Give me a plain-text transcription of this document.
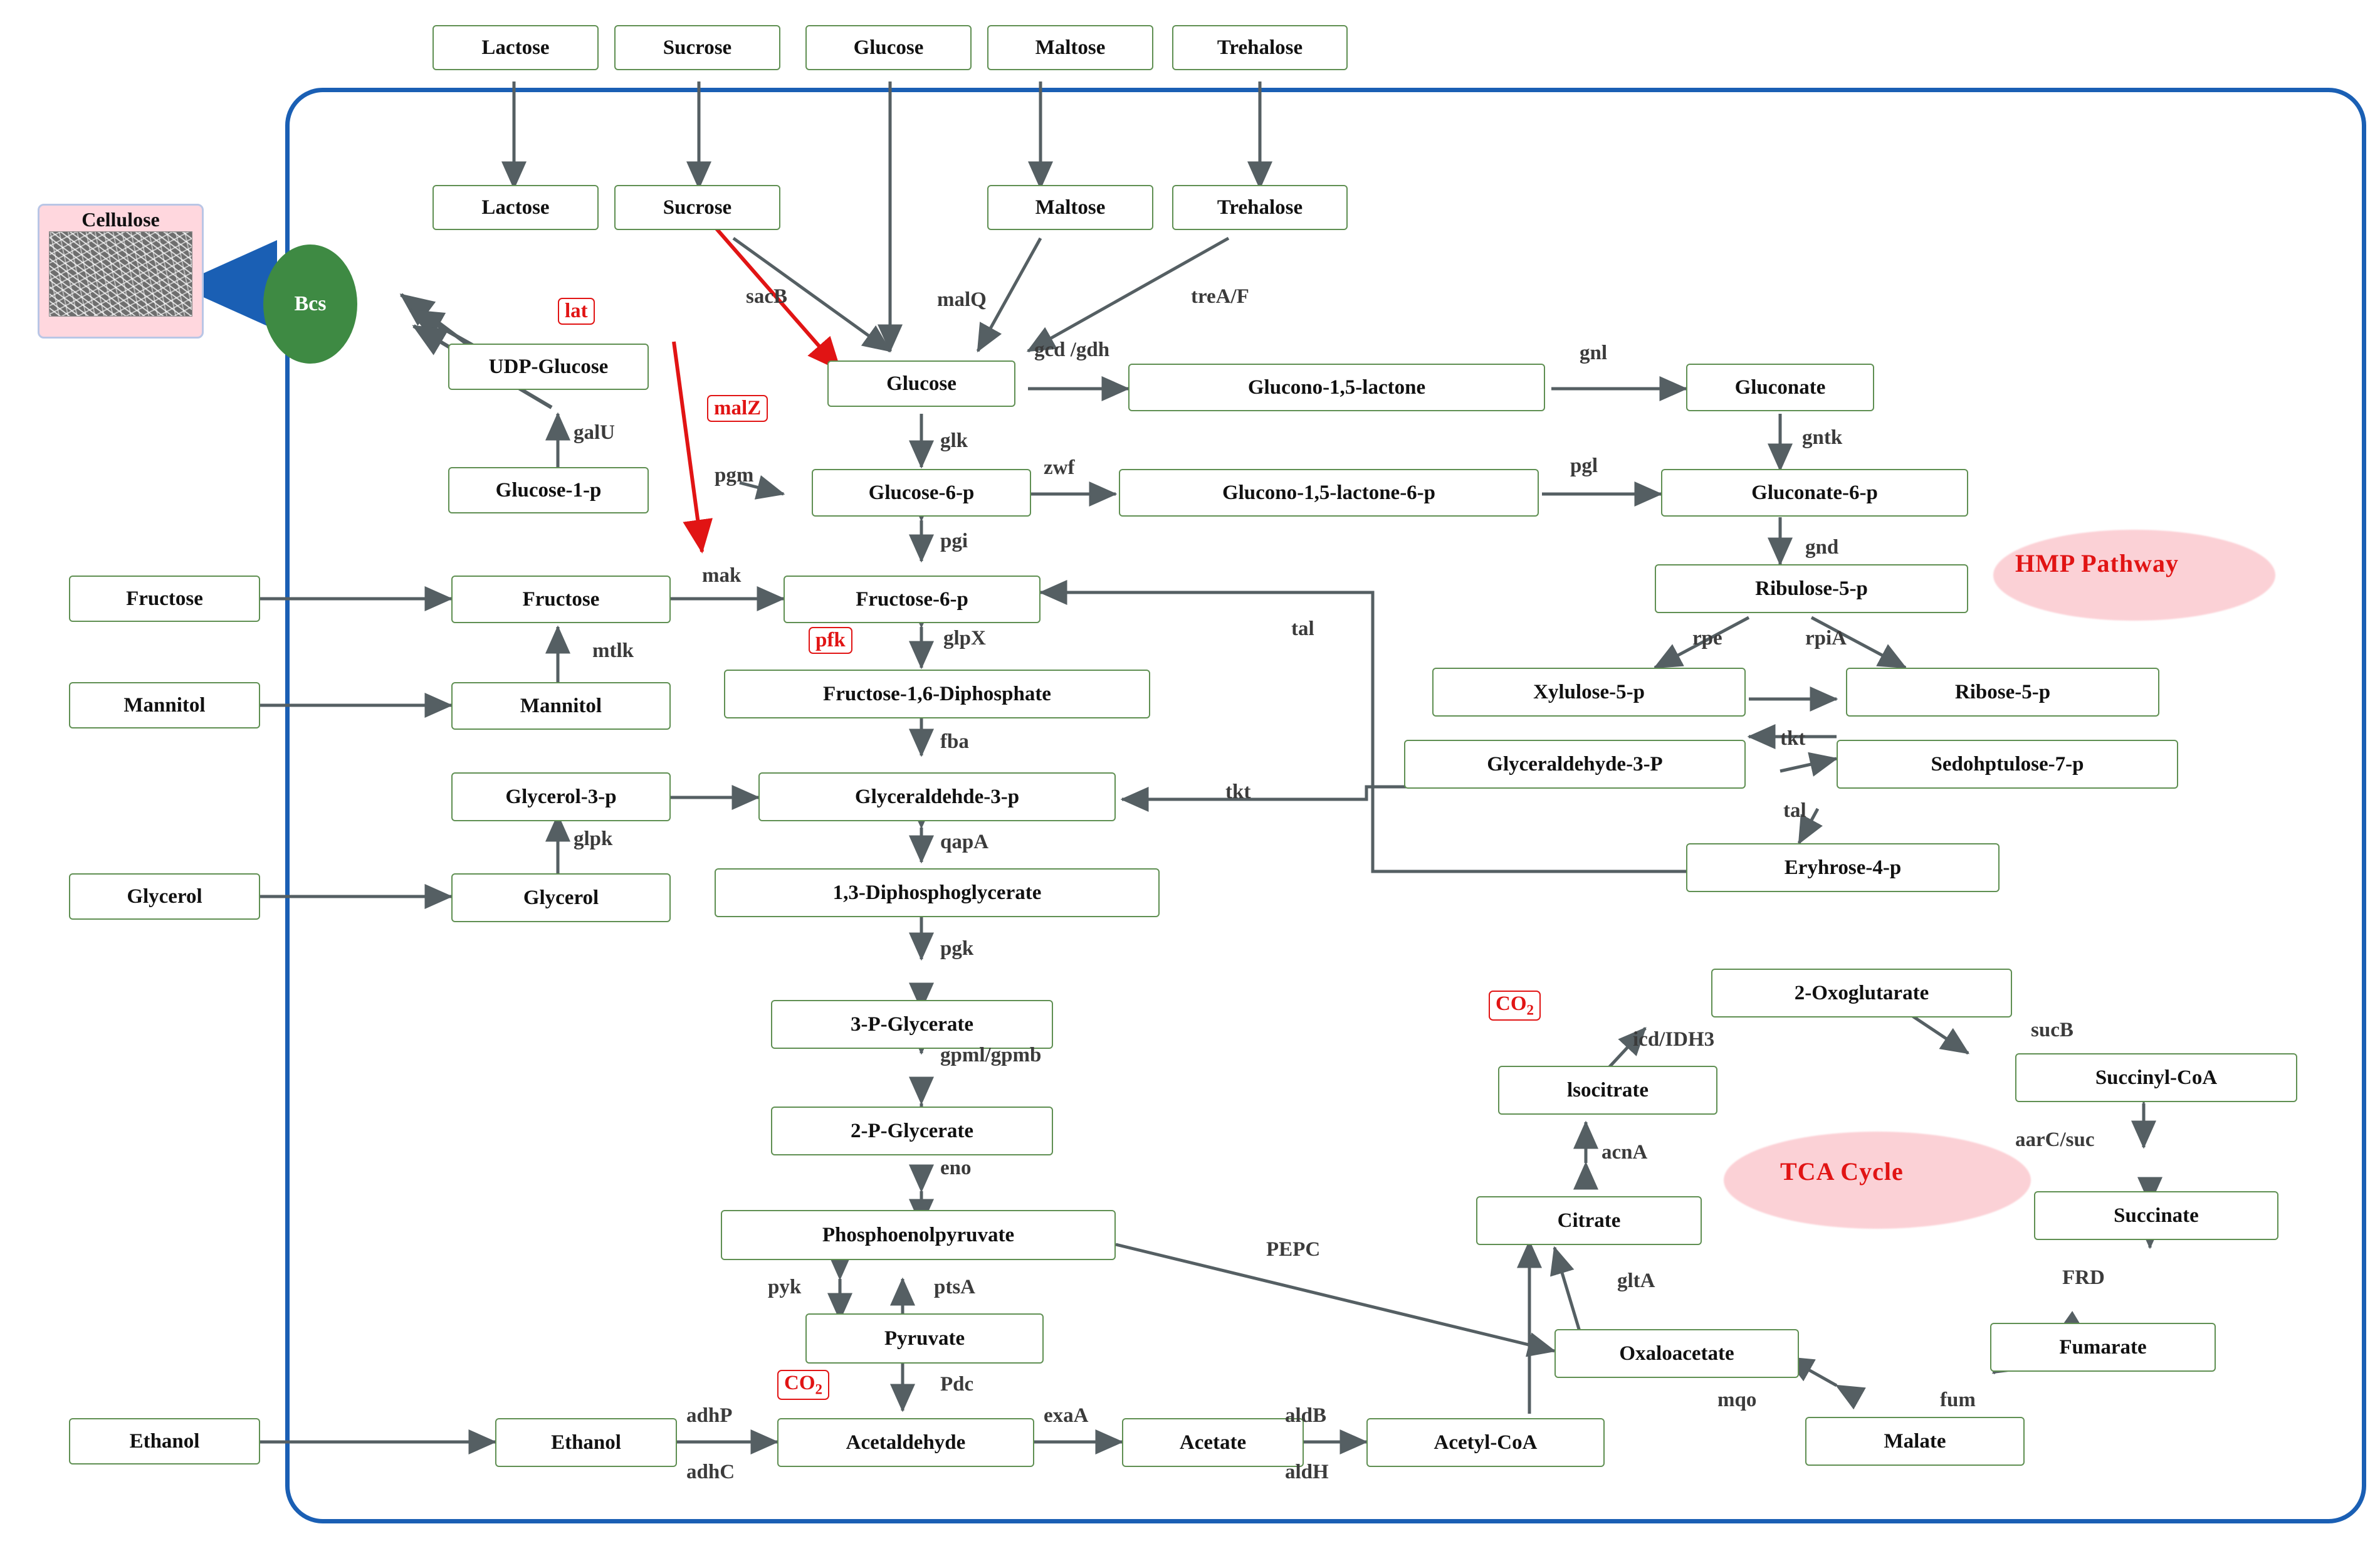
HMP Pathway
TCA Cycle
Cellulose
Bcs
Lactose	Sucrose	Glucose	Maltose	Trehalose
Fructose
Mannitol
Glycerol
Ethanol
Lactose	Sucrose	Maltose	Trehalose
UDP-Glucose
Glucose-1-p
Glucose
Glucose-6-p
Glucono-1,5-lactone
Glucono-1,5-lactone-6-p
Gluconate
Gluconate-6-p
Ribulose-5-p
Xylulose-5-p	Ribose-5-p
Glyceraldehyde-3-P	Sedohptulose-7-p
Eryhrose-4-p
Fructose
Mannitol
Fructose-6-p
Fructose-1,6-Diphosphate
Glycerol-3-p
Glycerol
Glyceraldehde-3-p
1,3-Diphosphoglycerate
3-P-Glycerate
2-P-Glycerate
Phosphoenolpyruvate
Pyruvate
Ethanol	Acetaldehyde	Acetate	Acetyl-CoA
Oxaloacetate
Citrate
lsocitrate
2-Oxoglutarate
Succinyl-CoA
Succinate
Fumarate
Malate
sacB	malQ	treA/F
lat
malZ
galU
pgm
glk
gcd /gdh	gnl
zwf	pgl
gntk
gnd
rpe	rpiA
tkt
tal
tal
tkt
pgi
mak
mtlk	pfk	glpX
fba
glpk	qapA
pgk
gpml/gpmb
eno
pyk	ptsA
$CO_2$	Pdc
adhP
adhC
exaA	aldB
aldH
PEPC
gltA
acnA
icd/IDH3
$CO_2$
sucB
aarC/suc
FRD
fum
mqo
